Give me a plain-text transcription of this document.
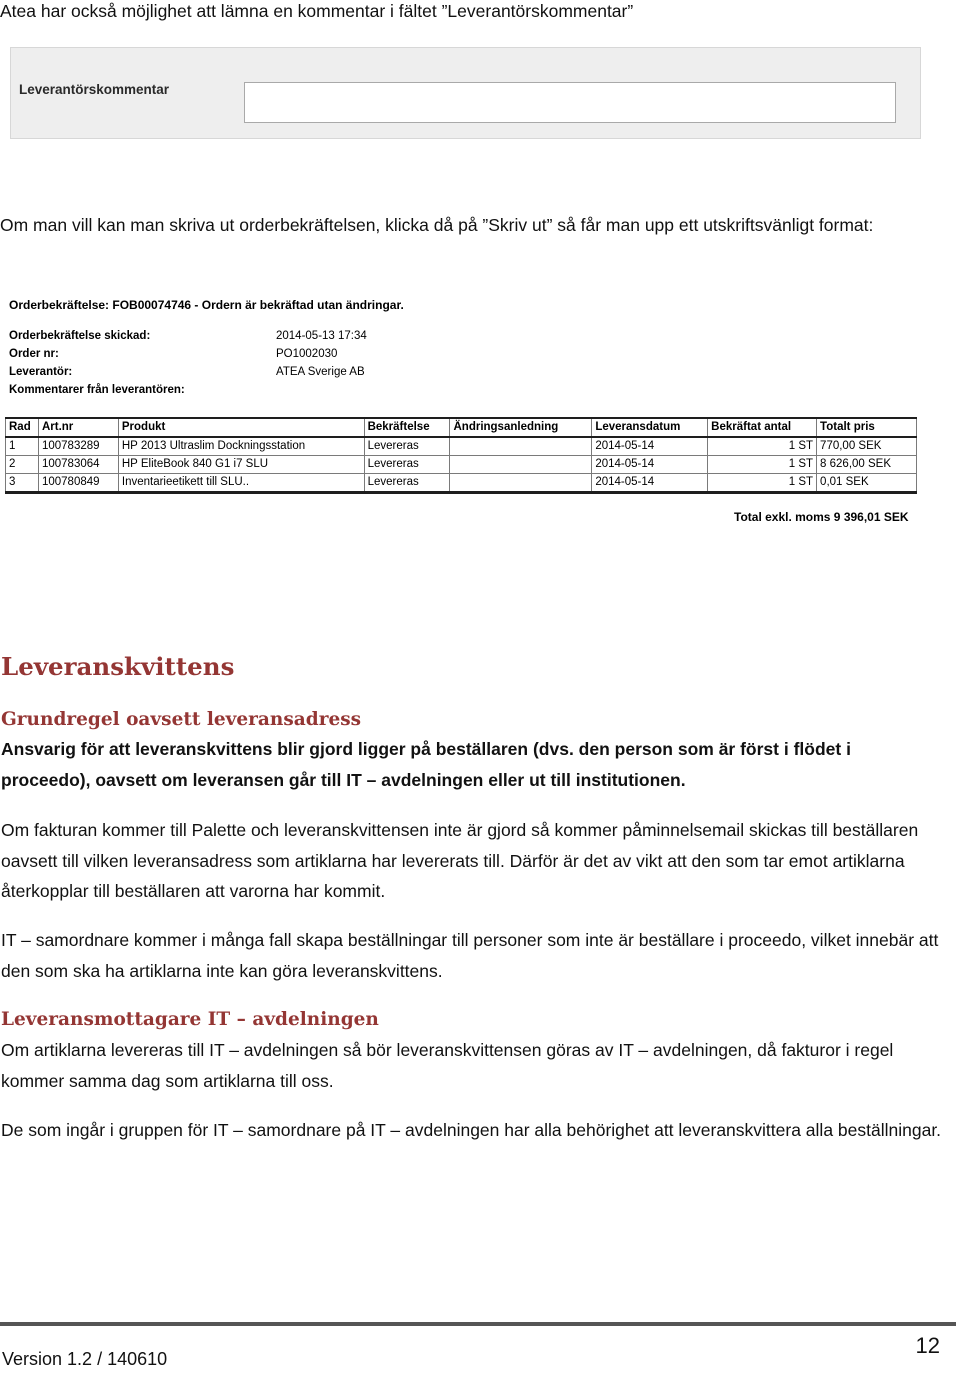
Atea har också möjlighet att lämna en kommentar i fältet ”Leverantörskommentar”
Leverantörskommentar
Om man vill kan man skriva ut orderbekräftelsen, klicka då på ”Skriv ut” så får man upp ett utskriftsvänligt format:
Orderbekräftelse: FOB00074746 - Ordern är bekräftad utan ändringar.
Orderbekräftelse skickad:	2014-05-13 17:34
Order nr:	PO1002030
Leverantör:	ATEA Sverige AB
Kommentarer från leverantören:
Rad	Art.nr	Produkt	Bekräftelse	Ändringsanledning	Leveransdatum	Bekräftat antal	Totalt pris
1	100783289	HP 2013 Ultraslim Dockningsstation	Levereras		2014-05-14	1 ST	770,00 SEK
2	100783064	HP EliteBook 840 G1 i7 SLU	Levereras		2014-05-14	1 ST	8 626,00 SEK
3	100780849	Inventarieetikett till SLU..	Levereras		2014-05-14	1 ST	0,01 SEK
Total exkl. moms 9 396,01 SEK
Leveranskvittens
Grundregel oavsett leveransadress
Ansvarig för att leveranskvittens blir gjord ligger på beställaren (dvs. den person som är först i flödet i proceedo), oavsett om leveransen går till IT – avdelningen eller ut till institutionen.
Om fakturan kommer till Palette och leveranskvittensen inte är gjord så kommer påminnelsemail skickas till beställaren oavsett till vilken leveransadress som artiklarna har levererats till. Därför är det av vikt att den som tar emot artiklarna återkopplar till beställaren att varorna har kommit.
IT – samordnare kommer i många fall skapa beställningar till personer som inte är beställare i proceedo, vilket innebär att den som ska ha artiklarna inte kan göra leveranskvittens.
Leveransmottagare IT – avdelningen
Om artiklarna levereras till IT – avdelningen så bör leveranskvittensen göras av IT – avdelningen, då fakturor i regel kommer samma dag som artiklarna till oss.
De som ingår i gruppen för IT – samordnare på IT – avdelningen har alla behörighet att leveranskvittera alla beställningar.
Version 1.2 / 140610
12
